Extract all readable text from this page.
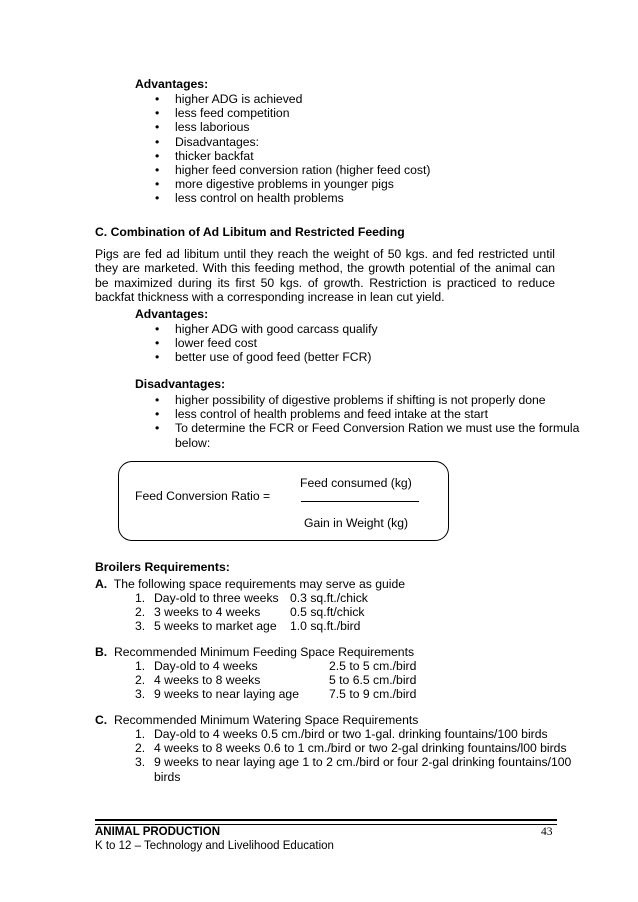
Advantages:
• higher ADG is achieved
• less feed competition
• less laborious
• Disadvantages:
• thicker backfat
• higher feed conversion ration (higher feed cost)
• more digestive problems in younger pigs
• less control on health problems
C. Combination of Ad Libitum and Restricted Feeding
Pigs are fed ad libitum until they reach the weight of 50 kgs. and fed restricted until they are marketed. With this feeding method, the growth potential of the animal can be maximized during its first 50 kgs. of growth. Restriction is practiced to reduce backfat thickness with a corresponding increase in lean cut yield.
Advantages:
• higher ADG with good carcass qualify
• lower feed cost
• better use of good feed (better FCR)
Disadvantages:
• higher possibility of digestive problems if shifting is not properly done
• less control of health problems and feed intake at the start
• To determine the FCR or Feed Conversion Ration we must use the formula
below:
Feed consumed (kg)
Feed Conversion Ratio =
Gain in Weight (kg)
Broilers Requirements:
A. The following space requirements may serve as guide
1. Day-old to three weeks 0.3 sq.ft./chick
2. 3 weeks to 4 weeks	0.5 sq.ft/chick
3. 5 weeks to market age	1.0 sq.ft./bird
B. Recommended Minimum Feeding Space Requirements
1. Day-old to 4 weeks	2.5 to 5 cm./bird
2. 4 weeks to 8 weeks	5 to 6.5 cm./bird
3. 9 weeks to near laying age	7.5 to 9 cm./bird
C. Recommended Minimum Watering Space Requirements
1. Day-old to 4 weeks 0.5 cm./bird or two 1-gal. drinking fountains/100 birds
2. 4 weeks to 8 weeks 0.6 to 1 cm./bird or two 2-gal drinking fountains/l00 birds
3. 9 weeks to near laying age 1 to 2 cm./bird or four 2-gal drinking fountains/100
birds
ANIMAL PRODUCTION	43
K to 12 – Technology and Livelihood Education
